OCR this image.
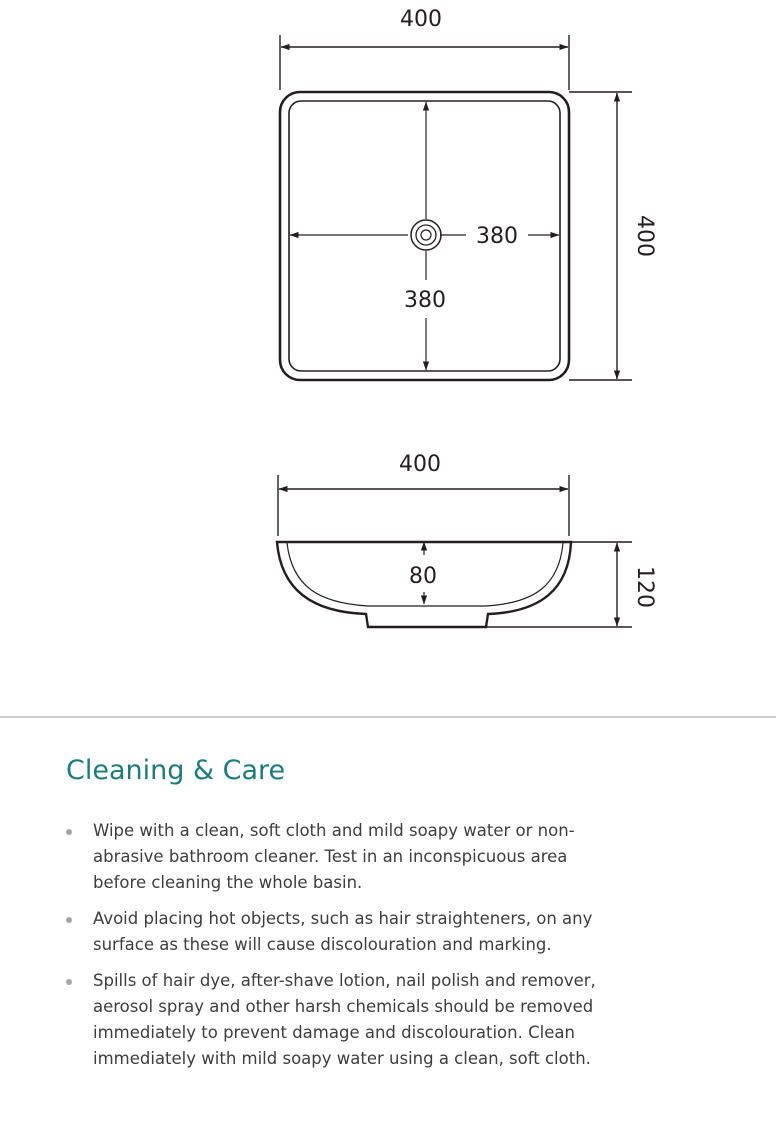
400
400
380
380
400
80	120
Cleaning & Care
Wipe with a clean, soft cloth and mild soapy water or non-
abrasive bathroom cleaner. Test in an inconspicuous area
before cleaning the whole basin.
Avoid placing hot objects, such as hair straighteners, on any
surface as these will cause discolouration and marking.
Spills of hair dye, after-shave lotion, nail polish and remover,
aerosol spray and other harsh chemicals should be removed
immediately to prevent damage and discolouration. Clean
immediately with mild soapy water using a clean, soft cloth.
